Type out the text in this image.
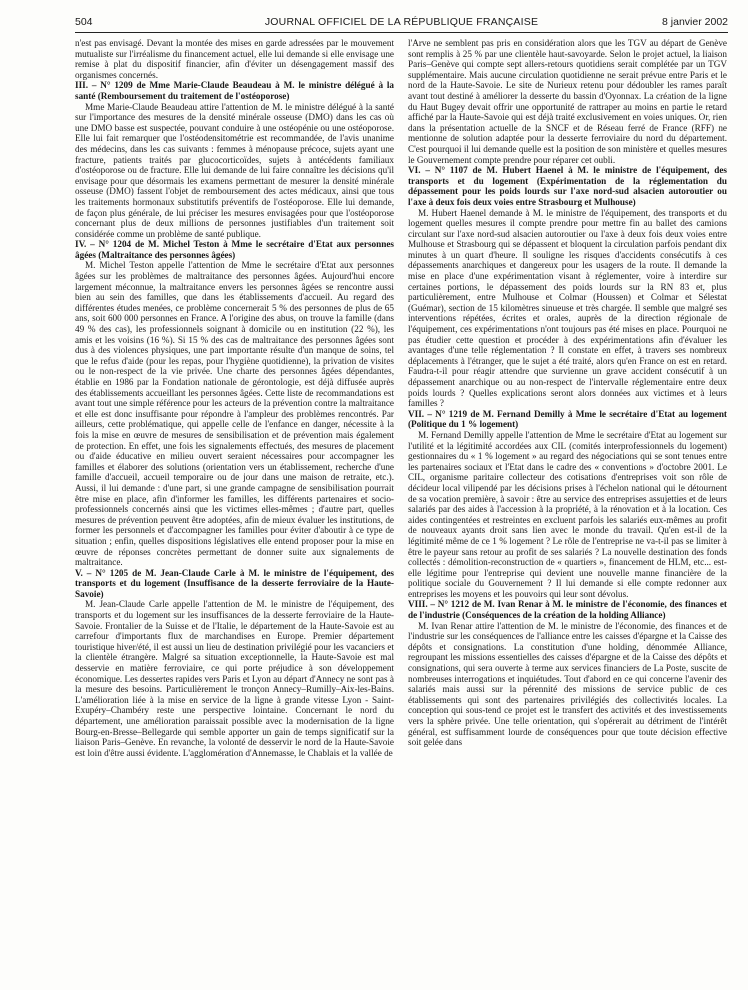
504	JOURNAL OFFICIEL DE LA RÉPUBLIQUE FRANÇAISE	8 janvier 2002

n'est pas envisagé. Devant la montée des mises en garde adressées par le mouvement mutualiste sur l'irréalisme du financement actuel, elle lui demande si elle envisage une remise à plat du dispositif financier, afin d'éviter un désengagement massif des organismes concernés.

III. – N° 1209 de Mme Marie-Claude Beaudeau à M. le ministre délégué à la santé (Remboursement du traitement de l'ostéoporose)

Mme Marie-Claude Beaudeau attire l'attention de M. le ministre délégué à la santé sur l'importance des mesures de la densité minérale osseuse (DMO) dans les cas où une DMO basse est suspectée, pouvant conduire à une ostéopénie ou une ostéoporose. Elle lui fait remarquer que l'ostéodensitométrie est recommandée, de l'avis unanime des médecins, dans les cas suivants : femmes à ménopause précoce, sujets ayant une fracture, patients traités par glucocorticoïdes, sujets à antécédents familiaux d'ostéoporose ou de fracture. Elle lui demande de lui faire connaître les décisions qu'il envisage pour que désormais les examens permettant de mesurer la densité minérale osseuse (DMO) fassent l'objet de remboursement des actes médicaux, ainsi que tous les traitements hormonaux substitutifs préventifs de l'ostéoporose. Elle lui demande, de façon plus générale, de lui préciser les mesures envisagées pour que l'ostéoporose concernant plus de deux millions de personnes justifiables d'un traitement soit considérée comme un problème de santé publique.

IV. – N° 1204 de M. Michel Teston à Mme le secrétaire d'Etat aux personnes âgées (Maltraitance des personnes âgées)

M. Michel Teston appelle l'attention de Mme le secrétaire d'Etat aux personnes âgées sur les problèmes de maltraitance des personnes âgées. Aujourd'hui encore largement méconnue, la maltraitance envers les personnes âgées se rencontre aussi bien au sein des familles, que dans les établissements d'accueil. Au regard des différentes études menées, ce problème concernerait 5 % des personnes de plus de 65 ans, soit 600 000 personnes en France. A l'origine des abus, on trouve la famille (dans 49 % des cas), les professionnels soignant à domicile ou en institution (22 %), les amis et les voisins (16 %). Si 15 % des cas de maltraitance des personnes âgées sont dus à des violences physiques, une part importante résulte d'un manque de soins, tel que le refus d'aide (pour les repas, pour l'hygiène quotidienne), la privation de visites ou le non-respect de la vie privée. Une charte des personnes âgées dépendantes, établie en 1986 par la Fondation nationale de gérontologie, est déjà diffusée auprès des établissements accueillant les personnes âgées. Cette liste de recommandations est avant tout une simple référence pour les acteurs de la prévention contre la maltraitance et elle est donc insuffisante pour répondre à l'ampleur des problèmes rencontrés. Par ailleurs, cette problématique, qui appelle celle de l'enfance en danger, nécessite à la fois la mise en œuvre de mesures de sensibilisation et de prévention mais également de protection. En effet, une fois les signalements effectués, des mesures de placement ou d'aide éducative en milieu ouvert seraient nécessaires pour accompagner les familles et élaborer des solutions (orientation vers un établissement, recherche d'une famille d'accueil, accueil temporaire ou de jour dans une maison de retraite, etc.). Aussi, il lui demande : d'une part, si une grande campagne de sensibilisation pourrait être mise en place, afin d'informer les familles, les différents partenaires et socio-professionnels concernés ainsi que les victimes elles-mêmes ; d'autre part, quelles mesures de prévention peuvent être adoptées, afin de mieux évaluer les institutions, de former les personnels et d'accompagner les familles pour éviter d'aboutir à ce type de situation ; enfin, quelles dispositions législatives elle entend proposer pour la mise en œuvre de réponses concrètes permettant de donner suite aux signalements de maltraitance.

V. – N° 1205 de M. Jean-Claude Carle à M. le ministre de l'équipement, des transports et du logement (Insuffisance de la desserte ferroviaire de la Haute-Savoie)

M. Jean-Claude Carle appelle l'attention de M. le ministre de l'équipement, des transports et du logement sur les insuffisances de la desserte ferroviaire de la Haute-Savoie. Frontalier de la Suisse et de l'Italie, le département de la Haute-Savoie est au carrefour d'importants flux de marchandises en Europe. Premier département touristique hiver/été, il est aussi un lieu de destination privilégié pour les vacanciers et la clientèle étrangère. Malgré sa situation exceptionnelle, la Haute-Savoie est mal desservie en matière ferroviaire, ce qui porte préjudice à son développement économique. Les dessertes rapides vers Paris et Lyon au départ d'Annecy ne sont pas à la mesure des besoins. Particulièrement le tronçon Annecy–Rumilly–Aix-les-Bains. L'amélioration liée à la mise en service de la ligne à grande vitesse Lyon - Saint-Exupéry–Chambéry reste une perspective lointaine. Concernant le nord du département, une amélioration paraissait possible avec la modernisation de la ligne Bourg-en-Bresse–Bellegarde qui semble apporter un gain de temps significatif sur la liaison Paris–Genève. En revanche, la volonté de desservir le nord de la Haute-Savoie est loin d'être aussi évidente. L'agglomération d'Annemasse, le Chablais et la vallée de

l'Arve ne semblent pas pris en considération alors que les TGV au départ de Genève sont remplis à 25 % par une clientèle haut-savoyarde. Selon le projet actuel, la liaison Paris–Genève qui compte sept allers-retours quotidiens serait complétée par un TGV supplémentaire. Mais aucune circulation quotidienne ne serait prévue entre Paris et le nord de la Haute-Savoie. Le site de Nurieux retenu pour dédoubler les rames paraît avant tout destiné à améliorer la desserte du bassin d'Oyonnax. La création de la ligne du Haut Bugey devait offrir une opportunité de rattraper au moins en partie le retard affiché par la Haute-Savoie qui est déjà traité exclusivement en voies uniques. Or, rien dans la présentation actuelle de la SNCF et de Réseau ferré de France (RFF) ne mentionne de solution adaptée pour la desserte ferroviaire du nord du département. C'est pourquoi il lui demande quelle est la position de son ministère et quelles mesures le Gouvernement compte prendre pour réparer cet oubli.

VI. – N° 1107 de M. Hubert Haenel à M. le ministre de l'équipement, des transports et du logement (Expérimentation de la réglementation du dépassement pour les poids lourds sur l'axe nord-sud alsacien autoroutier ou l'axe à deux fois deux voies entre Strasbourg et Mulhouse)

M. Hubert Haenel demande à M. le ministre de l'équipement, des transports et du logement quelles mesures il compte prendre pour mettre fin au ballet des camions circulant sur l'axe nord-sud alsacien autoroutier ou l'axe à deux fois deux voies entre Mulhouse et Strasbourg qui se dépassent et bloquent la circulation parfois pendant dix minutes à un quart d'heure. Il souligne les risques d'accidents consécutifs à ces dépassements anarchiques et dangereux pour les usagers de la route. Il demande la mise en place d'une expérimentation visant à réglementer, voire à interdire sur certaines portions, le dépassement des poids lourds sur la RN 83 et, plus particulièrement, entre Mulhouse et Colmar (Houssen) et Colmar et Sélestat (Guémar), section de 15 kilomètres sinueuse et très chargée. Il semble que malgré ses interventions répétées, écrites et orales, auprès de la direction régionale de l'équipement, ces expérimentations n'ont toujours pas été mises en place. Pourquoi ne pas étudier cette question et procéder à des expérimentations afin d'évaluer les avantages d'une telle réglementation ? Il constate en effet, à travers ses nombreux déplacements à l'étranger, que le sujet a été traité, alors qu'en France on est en retard. Faudra-t-il pour réagir attendre que survienne un grave accident consécutif à un dépassement anarchique ou au non-respect de l'intervalle réglementaire entre deux poids lourds ? Quelles explications seront alors données aux victimes et à leurs familles ?

VII. – N° 1219 de M. Fernand Demilly à Mme le secrétaire d'Etat au logement (Politique du 1 % logement)

M. Fernand Demilly appelle l'attention de Mme le secrétaire d'Etat au logement sur l'utilité et la légitimité accordées aux CIL (comités interprofessionnels du logement) gestionnaires du « 1 % logement » au regard des négociations qui se sont tenues entre les partenaires sociaux et l'Etat dans le cadre des « conventions » d'octobre 2001. Le CIL, organisme paritaire collecteur des cotisations d'entreprises voit son rôle de décideur local vilipendé par les décisions prises à l'échelon national qui le détournent de sa vocation première, à savoir : être au service des entreprises assujetties et de leurs salariés par des aides à l'accession à la propriété, à la rénovation et à la location. Ces aides contingentées et restreintes en excluent parfois les salariés eux-mêmes au profit de nouveaux ayants droit sans lien avec le monde du travail. Qu'en est-il de la légitimité même de ce 1 % logement ? Le rôle de l'entreprise ne va-t-il pas se limiter à être le payeur sans retour au profit de ses salariés ? La nouvelle destination des fonds collectés : démolition-reconstruction de « quartiers », financement de HLM, etc... est-elle légitime pour l'entreprise qui devient une nouvelle manne financière de la politique sociale du Gouvernement ? Il lui demande si elle compte redonner aux entreprises les moyens et les pouvoirs qui leur sont dévolus.

VIII. – N° 1212 de M. Ivan Renar à M. le ministre de l'économie, des finances et de l'industrie (Conséquences de la création de la holding Alliance)

M. Ivan Renar attire l'attention de M. le ministre de l'économie, des finances et de l'industrie sur les conséquences de l'alliance entre les caisses d'épargne et la Caisse des dépôts et consignations. La constitution d'une holding, dénommée Alliance, regroupant les missions essentielles des caisses d'épargne et de la Caisse des dépôts et consignations, qui sera ouverte à terme aux services financiers de La Poste, suscite de nombreuses interrogations et inquiétudes. Tout d'abord en ce qui concerne l'avenir des salariés mais aussi sur la pérennité des missions de service public de ces établissements qui sont des partenaires privilégiés des collectivités locales. La conception qui sous-tend ce projet est le transfert des activités et des investissements vers la sphère privée. Une telle orientation, qui s'opérerait au détriment de l'intérêt général, est suffisamment lourde de conséquences pour que toute décision effective soit gelée dans
